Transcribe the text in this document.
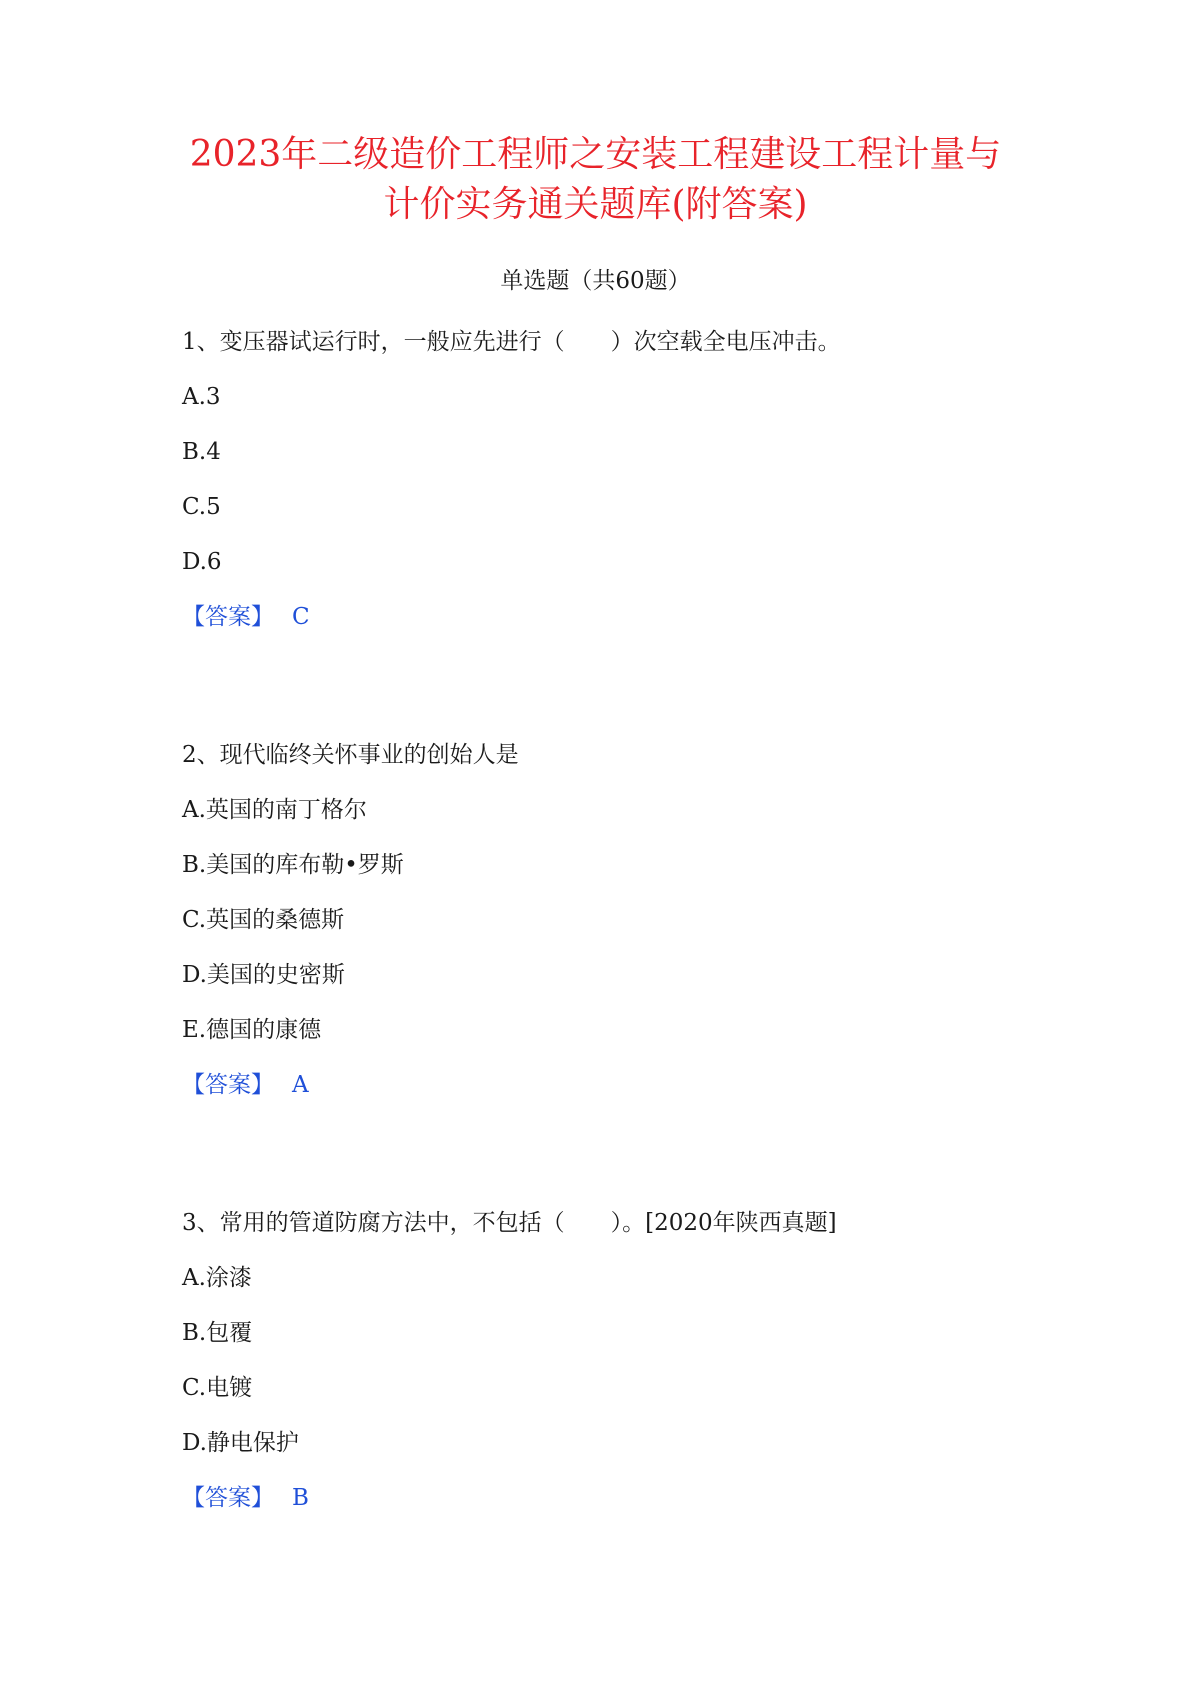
2023年二级造价工程师之安装工程建设工程计量与
计价实务通关题库(附答案)
单选题（共60题）
1、变压器试运行时，一般应先进行（　　）次空载全电压冲击。
A.3
B.4
C.5
D.6
【答案】 C
2、现代临终关怀事业的创始人是
A.英国的南丁格尔
B.美国的库布勒•罗斯
C.英国的桑德斯
D.美国的史密斯
E.德国的康德
【答案】 A
3、常用的管道防腐方法中，不包括（　　）。[2020年陕西真题]
A.涂漆
B.包覆
C.电镀
D.静电保护
【答案】 B
